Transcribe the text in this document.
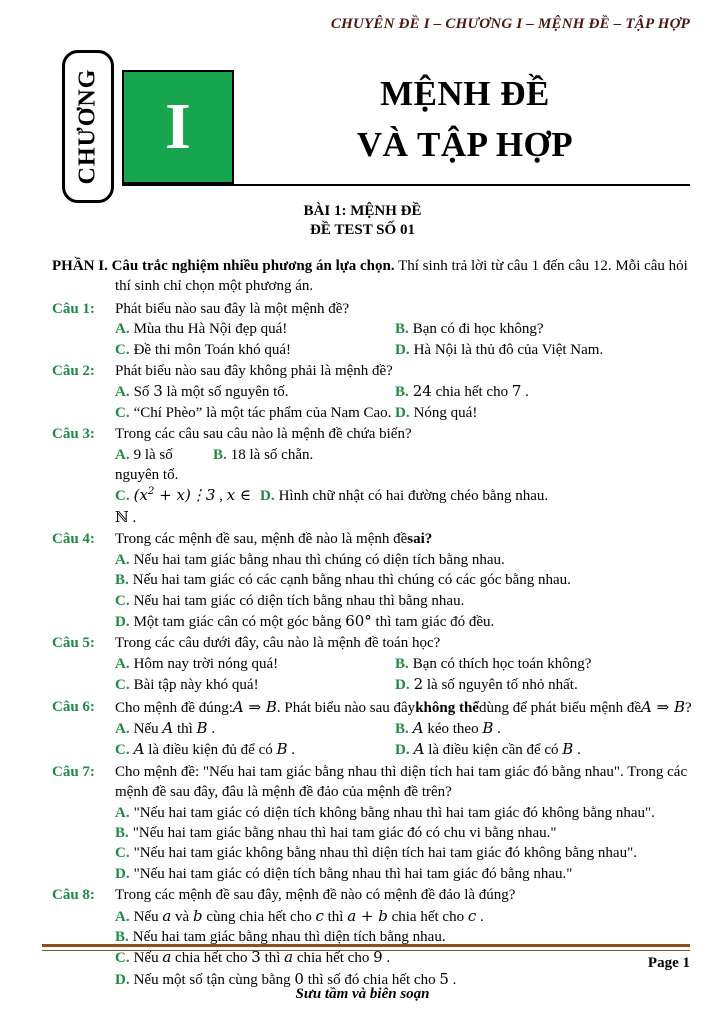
CHUYÊN ĐỀ I – CHƯƠNG I – MỆNH ĐỀ – TẬP HỢP
CHƯƠNG I	MỆNH ĐỀ
VÀ TẬP HỢP
BÀI 1: MỆNH ĐỀ
ĐỀ TEST SỐ 01

PHẦN I. Câu trắc nghiệm nhiều phương án lựa chọn. Thí sinh trả lời từ câu 1 đến câu 12. Mỗi câu hỏi thí sinh chỉ chọn một phương án.

Câu 1:	Phát biểu nào sau đây là một mệnh đề?
A. Mùa thu Hà Nội đẹp quá!	B. Bạn có đi học không?
C. Đề thi môn Toán khó quá!	D. Hà Nội là thủ đô của Việt Nam.
Câu 2:	Phát biểu nào sau đây không phải là mệnh đề?
A. Số 3 là một số nguyên tố.	B. 24 chia hết cho 7 .
C. “Chí Phèo” là một tác phẩm của Nam Cao. D. Nóng quá!
Câu 3:	Trong các câu sau câu nào là mệnh đề chứa biến?
A. 9 là số nguyên tố.
B. 18 là số chẵn.
C. ($x^2$ + x)⋮3 , x ∈ ℕ .
D. Hình chữ nhật có hai đường chéo bằng nhau.
Câu 4:	Trong các mệnh đề sau, mệnh đề nào là mệnh đề sai?
A. Nếu hai tam giác bằng nhau thì chúng có diện tích bằng nhau.
B. Nếu hai tam giác có các cạnh bằng nhau thì chúng có các góc bằng nhau.
C. Nếu hai tam giác có diện tích bằng nhau thì bằng nhau.
D. Một tam giác cân có một góc bằng 60° thì tam giác đó đều.
Câu 5:	Trong các câu dưới đây, câu nào là mệnh đề toán học?
A. Hôm nay trời nóng quá!	B. Bạn có thích học toán không?
C. Bài tập này khó quá!	D. 2 là số nguyên tố nhỏ nhất.
Câu 6:	Cho mệnh đề đúng: A ⇒ B . Phát biểu nào sau đây không thể dùng để phát biểu mệnh đề A ⇒ B ?
A. Nếu A thì B .	B. A kéo theo B .
C. A là điều kiện đủ để có B .	D. A là điều kiện cần để có B .
Câu 7:	Cho mệnh đề: "Nếu hai tam giác bằng nhau thì diện tích hai tam giác đó bằng nhau". Trong các mệnh đề sau đây, đâu là mệnh đề đảo của mệnh đề trên?
A. "Nếu hai tam giác có diện tích không bằng nhau thì hai tam giác đó không bằng nhau".
B. "Nếu hai tam giác bằng nhau thì hai tam giác đó có chu vi bằng nhau."
C. "Nếu hai tam giác không bằng nhau thì diện tích hai tam giác đó không bằng nhau".
D. "Nếu hai tam giác có diện tích bằng nhau thì hai tam giác đó bằng nhau."
Câu 8:	Trong các mệnh đề sau đây, mệnh đề nào có mệnh đề đảo là đúng?
A. Nếu a và b cùng chia hết cho c thì a + b chia hết cho c .
B. Nếu hai tam giác bằng nhau thì diện tích bằng nhau.
C. Nếu a chia hết cho 3 thì a chia hết cho 9 .
D. Nếu một số tận cùng bằng 0 thì số đó chia hết cho 5 .
Page 1
Sưu tầm và biên soạn
